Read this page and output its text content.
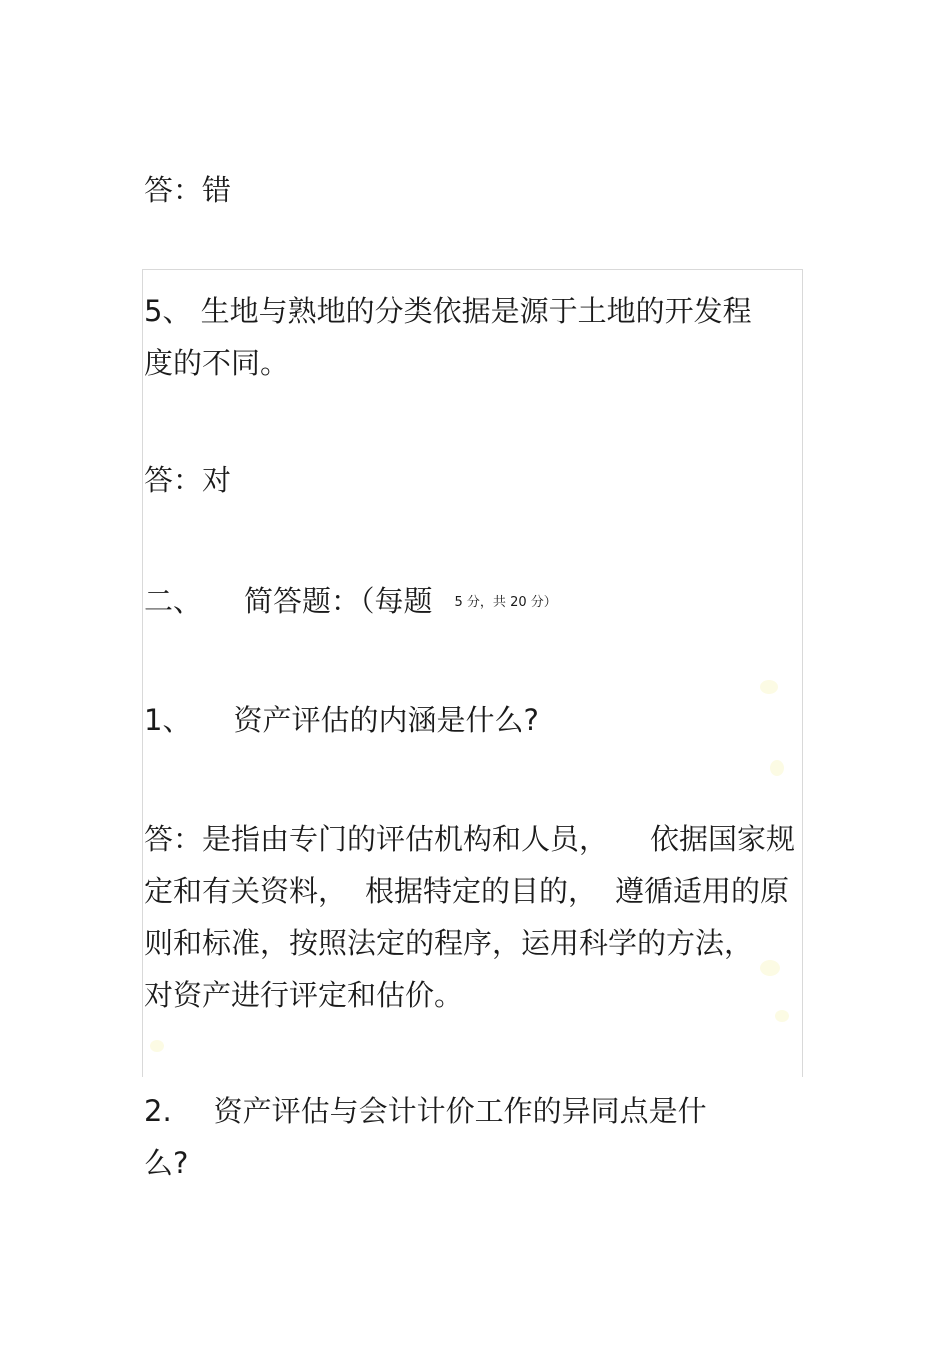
答：错
5、 生地与熟地的分类依据是源于土地的开发程
度的不同。
答：对
二、 简答题：（每题 5 分，共 20 分）
1、 资产评估的内涵是什么?
答：是指由专门的评估机构和人员， 依据国家规
定和有关资料， 根据特定的目的， 遵循适用的原
则和标准，按照法定的程序，运用科学的方法，
对资产进行评定和估价。
2. 资产评估与会计计价工作的异同点是什
么?
